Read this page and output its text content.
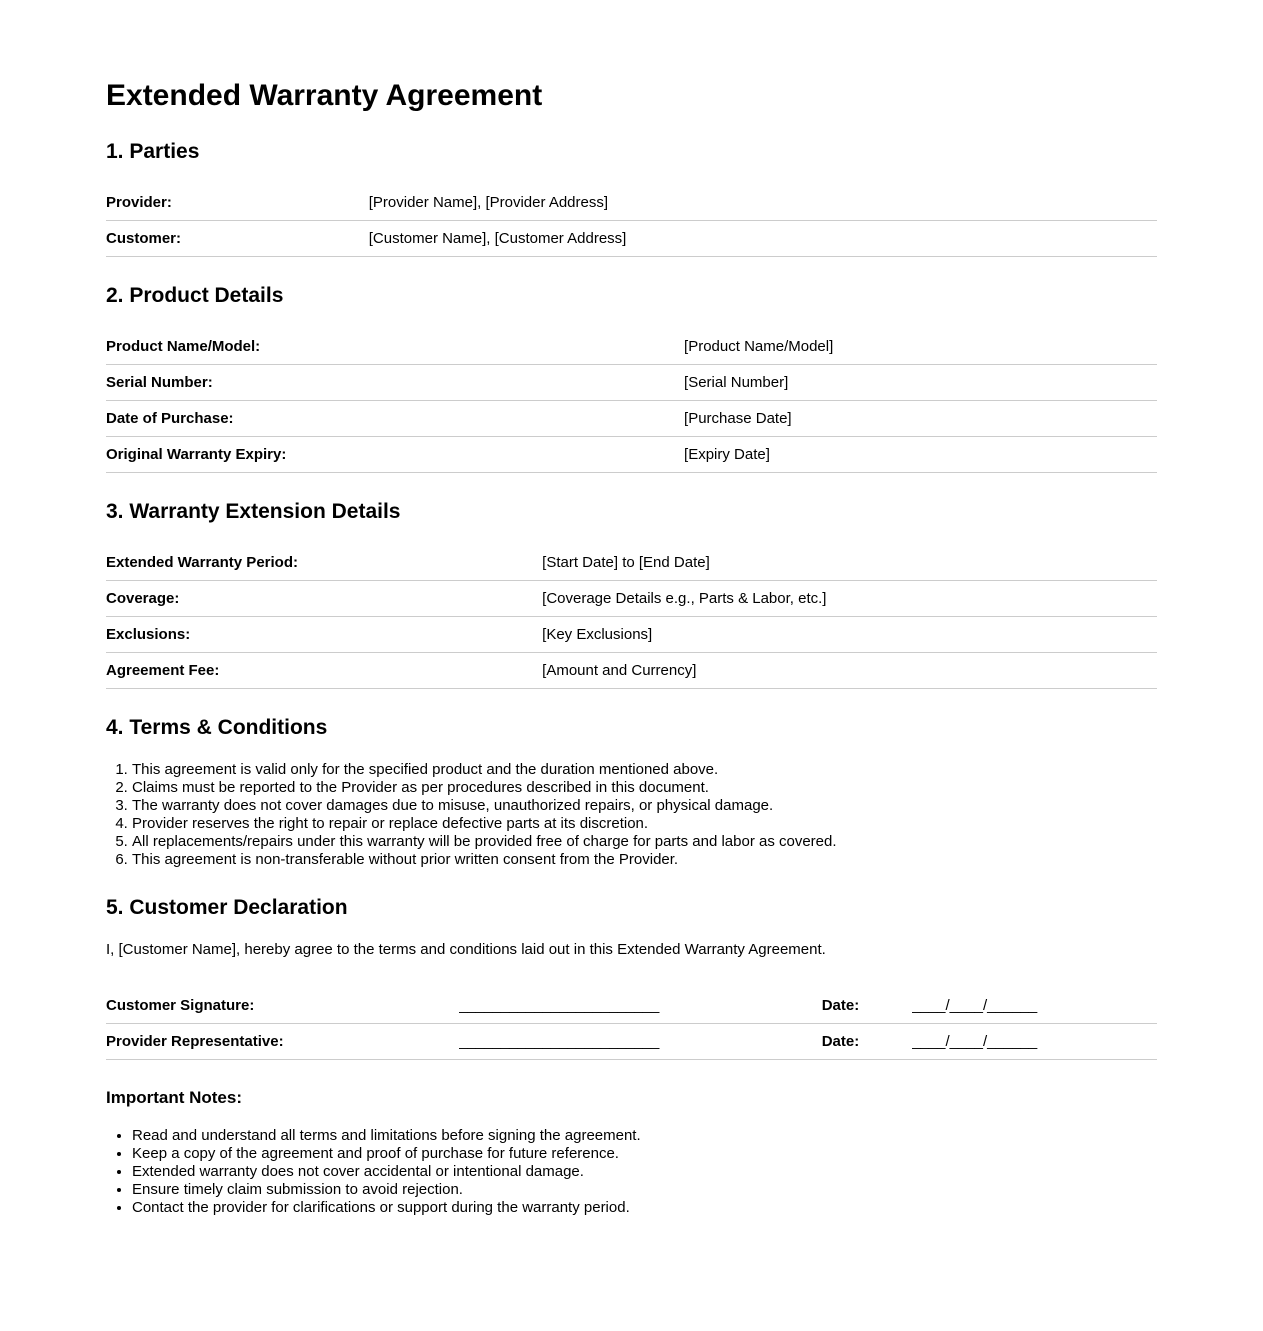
Extended Warranty Agreement
1. Parties
Provider:	[Provider Name], [Provider Address]
Customer:	[Customer Name], [Customer Address]
2. Product Details
Product Name/Model:	[Product Name/Model]
Serial Number:	[Serial Number]
Date of Purchase:	[Purchase Date]
Original Warranty Expiry:	[Expiry Date]
3. Warranty Extension Details
Extended Warranty Period:	[Start Date] to [End Date]
Coverage:	[Coverage Details e.g., Parts & Labor, etc.]
Exclusions:	[Key Exclusions]
Agreement Fee:	[Amount and Currency]
4. Terms & Conditions
1. This agreement is valid only for the specified product and the duration mentioned above.
2. Claims must be reported to the Provider as per procedures described in this document.
3. The warranty does not cover damages due to misuse, unauthorized repairs, or physical damage.
4. Provider reserves the right to repair or replace defective parts at its discretion.
5. All replacements/repairs under this warranty will be provided free of charge for parts and labor as covered.
6. This agreement is non-transferable without prior written consent from the Provider.
5. Customer Declaration

I, [Customer Name], hereby agree to the terms and conditions laid out in this Extended Warranty Agreement.

Customer Signature:	________________________	Date:	____/____/______
Provider Representative:	________________________	Date:	____/____/______
Important Notes:
• Read and understand all terms and limitations before signing the agreement.
• Keep a copy of the agreement and proof of purchase for future reference.
• Extended warranty does not cover accidental or intentional damage.
• Ensure timely claim submission to avoid rejection.
• Contact the provider for clarifications or support during the warranty period.
